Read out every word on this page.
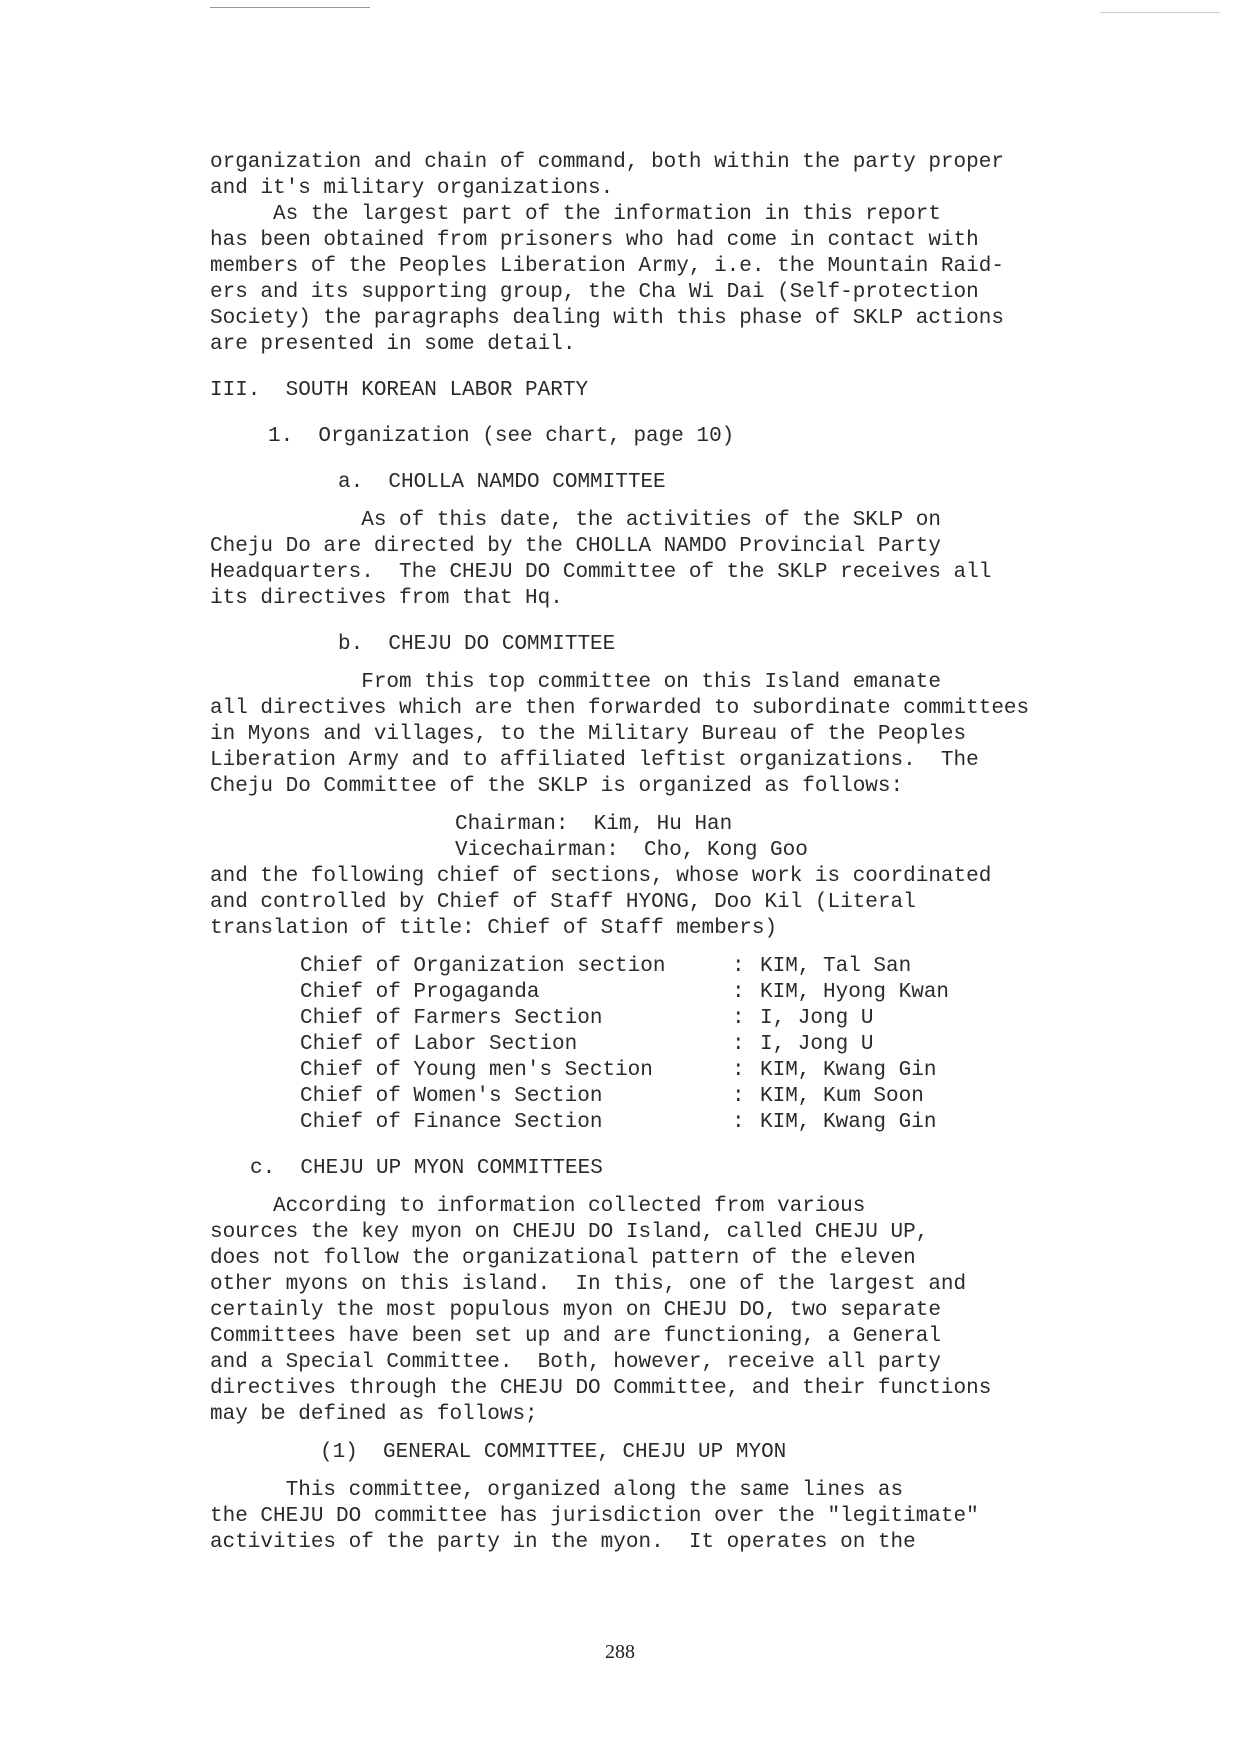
organization and chain of command, both within the party proper
and it's military organizations.
As the largest part of the information in this report
has been obtained from prisoners who had come in contact with
members of the Peoples Liberation Army, i.e. the Mountain Raid-
ers and its supporting group, the Cha Wi Dai (Self-protection
Society) the paragraphs dealing with this phase of SKLP actions
are presented in some detail.
III.  SOUTH KOREAN LABOR PARTY
1.  Organization (see chart, page 10)
a.  CHOLLA NAMDO COMMITTEE
As of this date, the activities of the SKLP on
Cheju Do are directed by the CHOLLA NAMDO Provincial Party
Headquarters.  The CHEJU DO Committee of the SKLP receives all
its directives from that Hq.
b.  CHEJU DO COMMITTEE
From this top committee on this Island emanate
all directives which are then forwarded to subordinate committees
in Myons and villages, to the Military Bureau of the Peoples
Liberation Army and to affiliated leftist organizations.  The
Cheju Do Committee of the SKLP is organized as follows:
Chairman:  Kim, Hu Han
Vicechairman:  Cho, Kong Goo
and the following chief of sections, whose work is coordinated
and controlled by Chief of Staff HYONG, Doo Kil (Literal
translation of title: Chief of Staff members)
Chief of Organization section	: KIM, Tal San
Chief of Progaganda	: KIM, Hyong Kwan
Chief of Farmers Section	: I, Jong U
Chief of Labor Section	: I, Jong U
Chief of Young men's Section	: KIM, Kwang Gin
Chief of Women's Section	: KIM, Kum Soon
Chief of Finance Section	: KIM, Kwang Gin
c.  CHEJU UP MYON COMMITTEES
According to information collected from various
sources the key myon on CHEJU DO Island, called CHEJU UP,
does not follow the organizational pattern of the eleven
other myons on this island.  In this, one of the largest and
certainly the most populous myon on CHEJU DO, two separate
Committees have been set up and are functioning, a General
and a Special Committee.  Both, however, receive all party
directives through the CHEJU DO Committee, and their functions
may be defined as follows;
(1)  GENERAL COMMITTEE, CHEJU UP MYON
This committee, organized along the same lines as
the CHEJU DO committee has jurisdiction over the "legitimate"
activities of the party in the myon.  It operates on the
288
